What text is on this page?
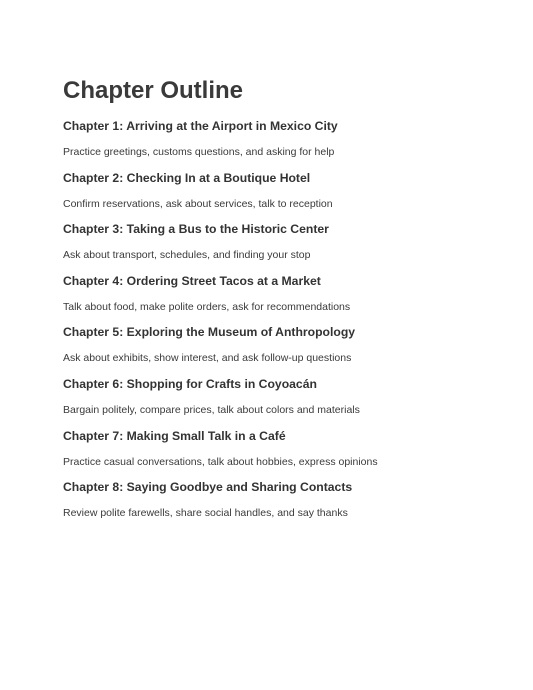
Chapter Outline
Chapter 1: Arriving at the Airport in Mexico City
Practice greetings, customs questions, and asking for help
Chapter 2: Checking In at a Boutique Hotel
Confirm reservations, ask about services, talk to reception
Chapter 3: Taking a Bus to the Historic Center
Ask about transport, schedules, and finding your stop
Chapter 4: Ordering Street Tacos at a Market
Talk about food, make polite orders, ask for recommendations
Chapter 5: Exploring the Museum of Anthropology
Ask about exhibits, show interest, and ask follow-up questions
Chapter 6: Shopping for Crafts in Coyoacán
Bargain politely, compare prices, talk about colors and materials
Chapter 7: Making Small Talk in a Café
Practice casual conversations, talk about hobbies, express opinions
Chapter 8: Saying Goodbye and Sharing Contacts
Review polite farewells, share social handles, and say thanks
